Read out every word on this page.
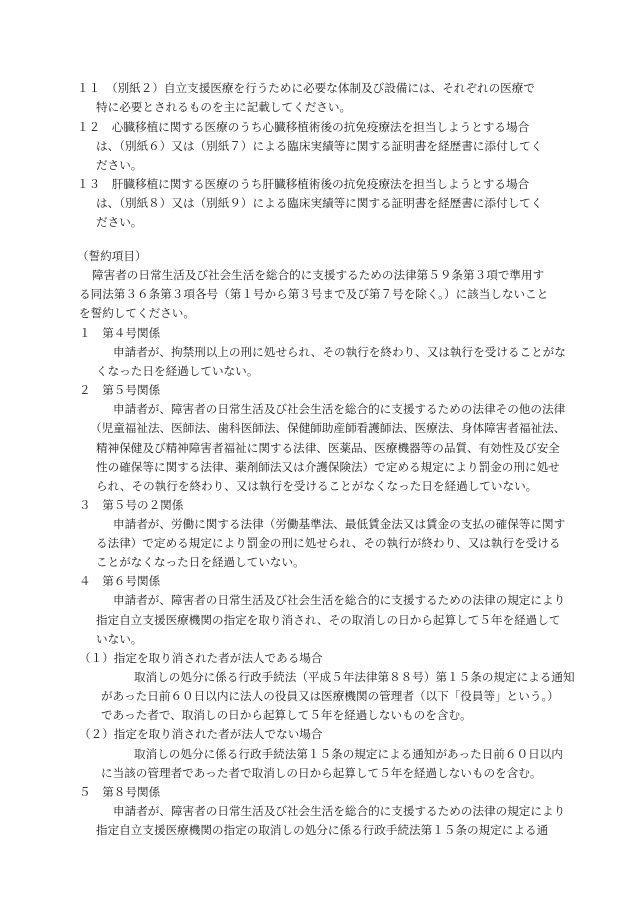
１１　（別紙２）自立支援医療を行うために必要な体制及び設備には、それぞれの医療で
特に必要とされるものを主に記載してください。
１２　心臓移植に関する医療のうち心臓移植術後の抗免疫療法を担当しようとする場合
は、（別紙６）又は（別紙７）による臨床実績等に関する証明書を経歴書に添付してく
ださい。
１３　肝臓移植に関する医療のうち肝臓移植術後の抗免疫療法を担当しようとする場合
は、（別紙８）又は（別紙９）による臨床実績等に関する証明書を経歴書に添付してく
ださい。
（誓約項目）
障害者の日常生活及び社会生活を総合的に支援するための法律第５９条第３項で準用す
る同法第３６条第３項各号（第１号から第３号まで及び第７号を除く。）に該当しないこと
を誓約してください。
１　第４号関係
申請者が、拘禁刑以上の刑に処せられ、その執行を終わり、又は執行を受けることがな
くなった日を経過していない。
２　第５号関係
申請者が、障害者の日常生活及び社会生活を総合的に支援するための法律その他の法律
（児童福祉法、医師法、歯科医師法、保健師助産師看護師法、医療法、身体障害者福祉法、
精神保健及び精神障害者福祉に関する法律、医薬品、医療機器等の品質、有効性及び安全
性の確保等に関する法律、薬剤師法又は介護保険法）で定める規定により罰金の刑に処せ
られ、その執行を終わり、又は執行を受けることがなくなった日を経過していない。
３　第５号の２関係
申請者が、労働に関する法律（労働基準法、最低賃金法又は賃金の支払の確保等に関す
る法律）で定める規定により罰金の刑に処せられ、その執行が終わり、又は執行を受ける
ことがなくなった日を経過していない。
４　第６号関係
申請者が、障害者の日常生活及び社会生活を総合的に支援するための法律の規定により
指定自立支援医療機関の指定を取り消され、その取消しの日から起算して５年を経過して
いない。
（１）指定を取り消された者が法人である場合
取消しの処分に係る行政手続法（平成５年法律第８８号）第１５条の規定による通知
があった日前６０日以内に法人の役員又は医療機関の管理者（以下「役員等」という。）
であった者で、取消しの日から起算して５年を経過しないものを含む。
（２）指定を取り消された者が法人でない場合
取消しの処分に係る行政手続法第１５条の規定による通知があった日前６０日以内
に当該の管理者であった者で取消しの日から起算して５年を経過しないものを含む。
５　第８号関係
申請者が、障害者の日常生活及び社会生活を総合的に支援するための法律の規定により
指定自立支援医療機関の指定の取消しの処分に係る行政手続法第１５条の規定による通
